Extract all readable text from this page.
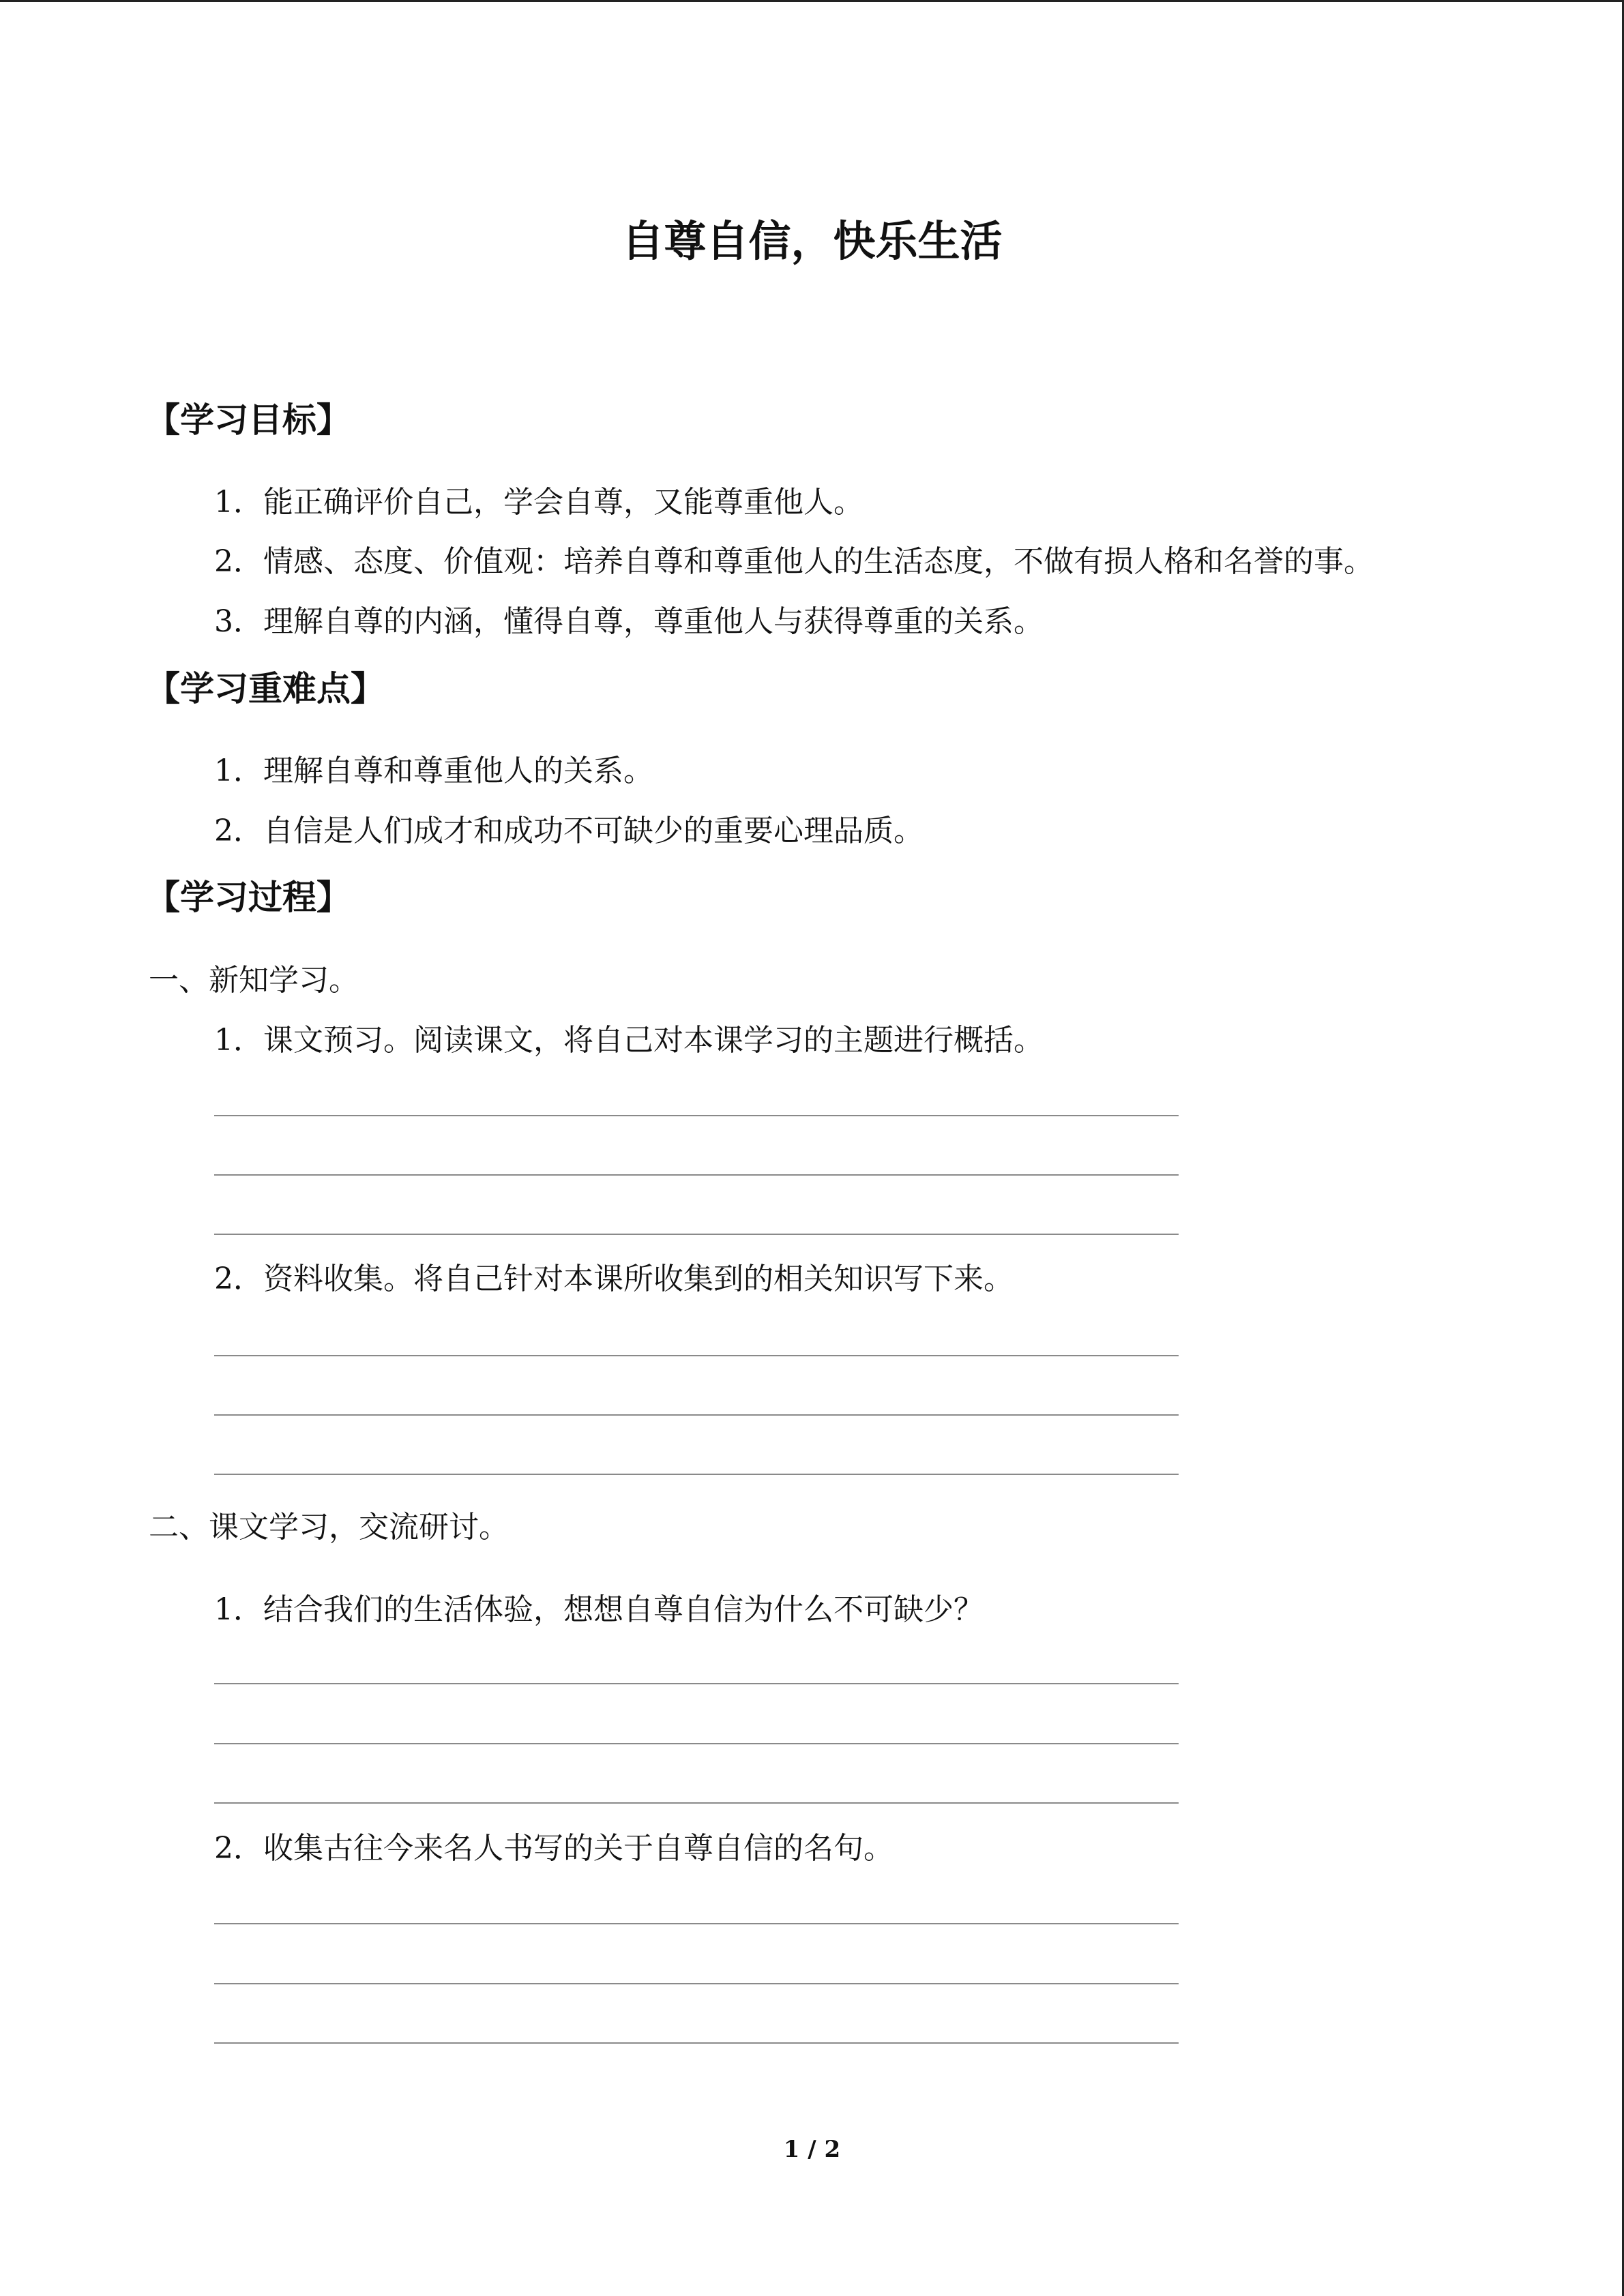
自尊自信，快乐生活
【学习目标】
1．能正确评价自己，学会自尊，又能尊重他人。
2．情感、态度、价值观：培养自尊和尊重他人的生活态度，不做有损人格和名誉的事。
3．理解自尊的内涵，懂得自尊，尊重他人与获得尊重的关系。
【学习重难点】
1．理解自尊和尊重他人的关系。
2．自信是人们成才和成功不可缺少的重要心理品质。
【学习过程】
一、新知学习。
1．课文预习。阅读课文，将自己对本课学习的主题进行概括。
2．资料收集。将自己针对本课所收集到的相关知识写下来。
二、课文学习，交流研讨。
1．结合我们的生活体验，想想自尊自信为什么不可缺少？
2．收集古往今来名人书写的关于自尊自信的名句。
1 / 2
